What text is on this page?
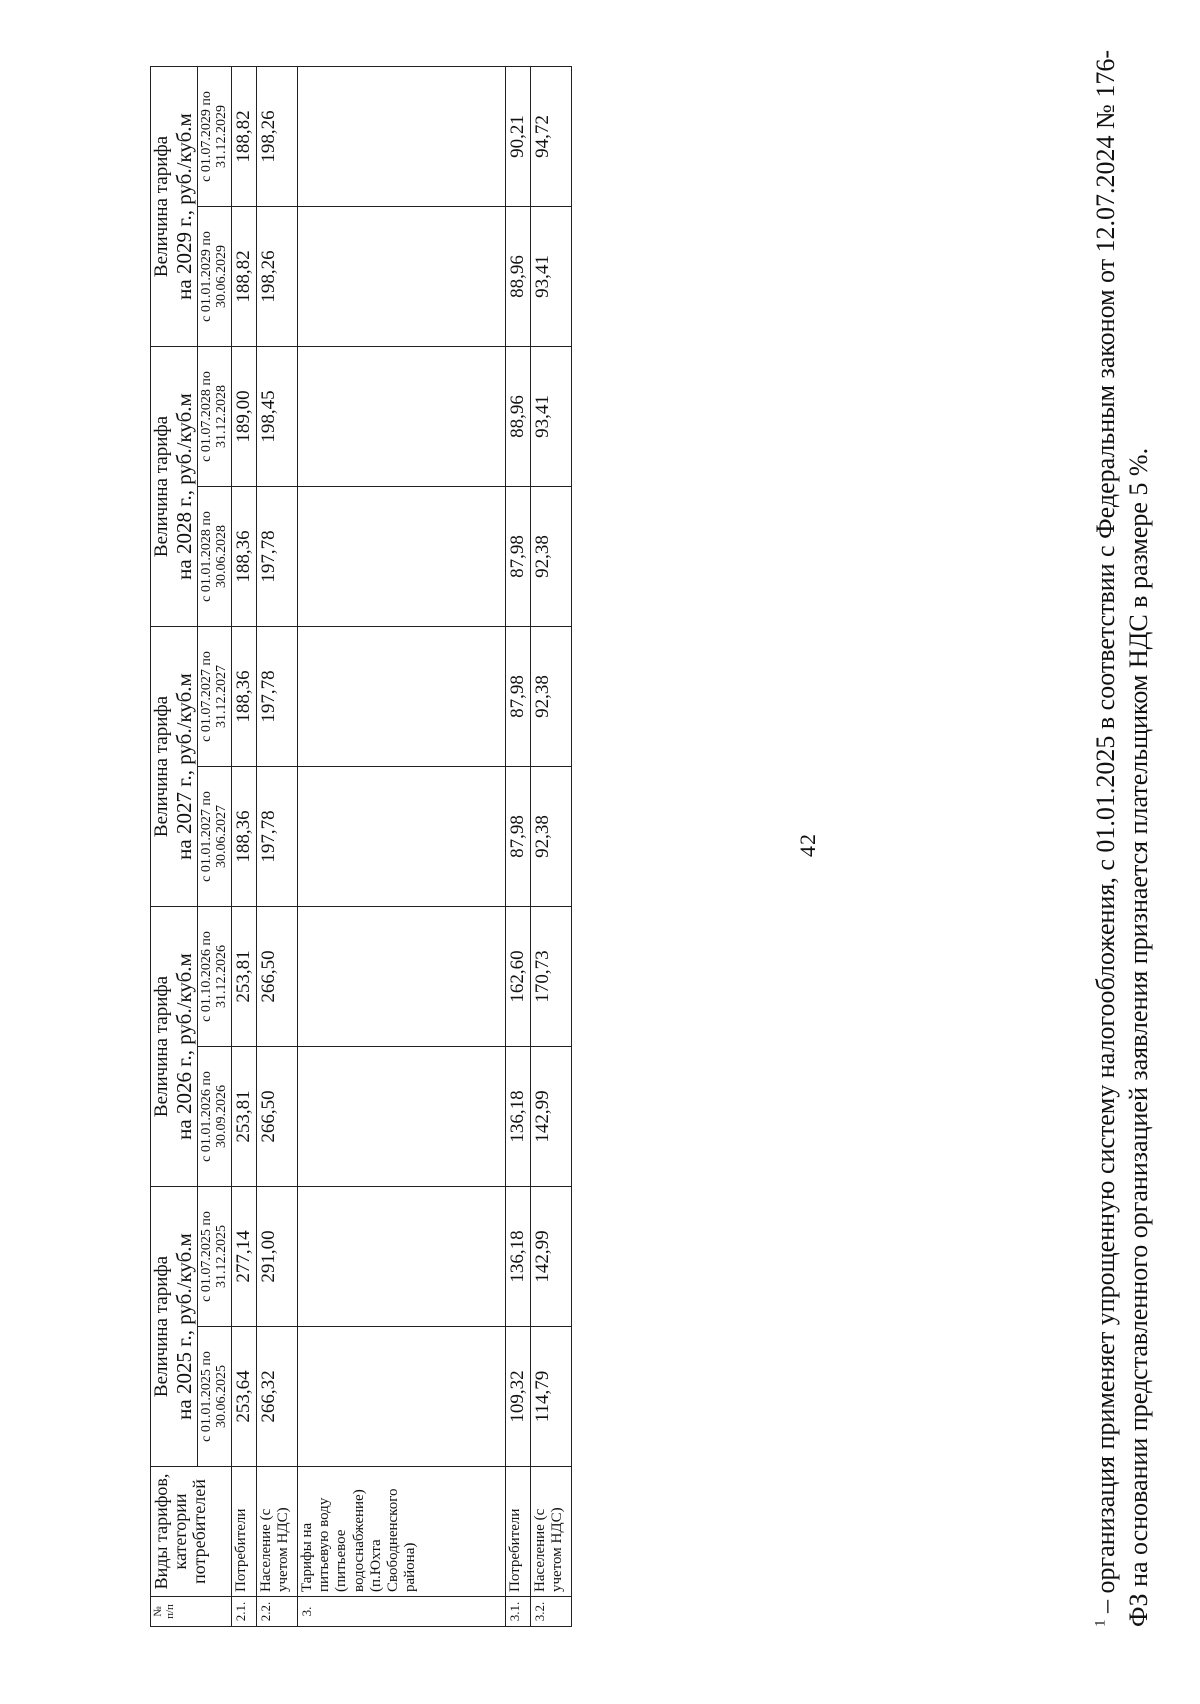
42
№ п/п	Виды тарифов, категории потребителей	Величина тарифа на 2025 г., руб./куб.м		Величина тарифа на 2026 г., руб./куб.м		Величина тарифа на 2027 г., руб./куб.м		Величина тарифа на 2028 г., руб./куб.м		Величина тарифа на 2029 г., руб./куб.м	

		с 01.01.2025 по 30.06.2025	с 01.07.2025 по 31.12.2025	с 01.01.2026 по 30.09.2026	с 01.10.2026 по 31.12.2026	с 01.01.2027 по 30.06.2027	с 01.07.2027 по 31.12.2027	с 01.01.2028 по 30.06.2028	с 01.07.2028 по 31.12.2028	с 01.01.2029 по 30.06.2029	с 01.07.2029 по 31.12.2029
2.1.	Потребители	253,64	277,14	253,81	253,81	188,36	188,36	188,36	189,00	188,82	188,82
2.2.	Население (с учетом НДС)	266,32	291,00	266,50	266,50	197,78	197,78	197,78	198,45	198,26	198,26
3.	Тарифы на питьевую воду (питьевое водоснабжение) (п.Юхта Свободненского района)										
3.1.	Потребители	109,32	136,18	136,18	162,60	87,98	87,98	87,98	88,96	88,96	90,21
3.2.	Население (с учетом НДС)	114,79	142,99	142,99	170,73	92,38	92,38	92,38	93,41	93,41	94,72
$^1$ – организация применяет упрощенную систему налогообложения, с 01.01.2025 в соответствии с Федеральным законом от 12.07.2024 № 176-ФЗ на основании представленного организацией заявления признается плательщиком НДС в размере 5 %.
